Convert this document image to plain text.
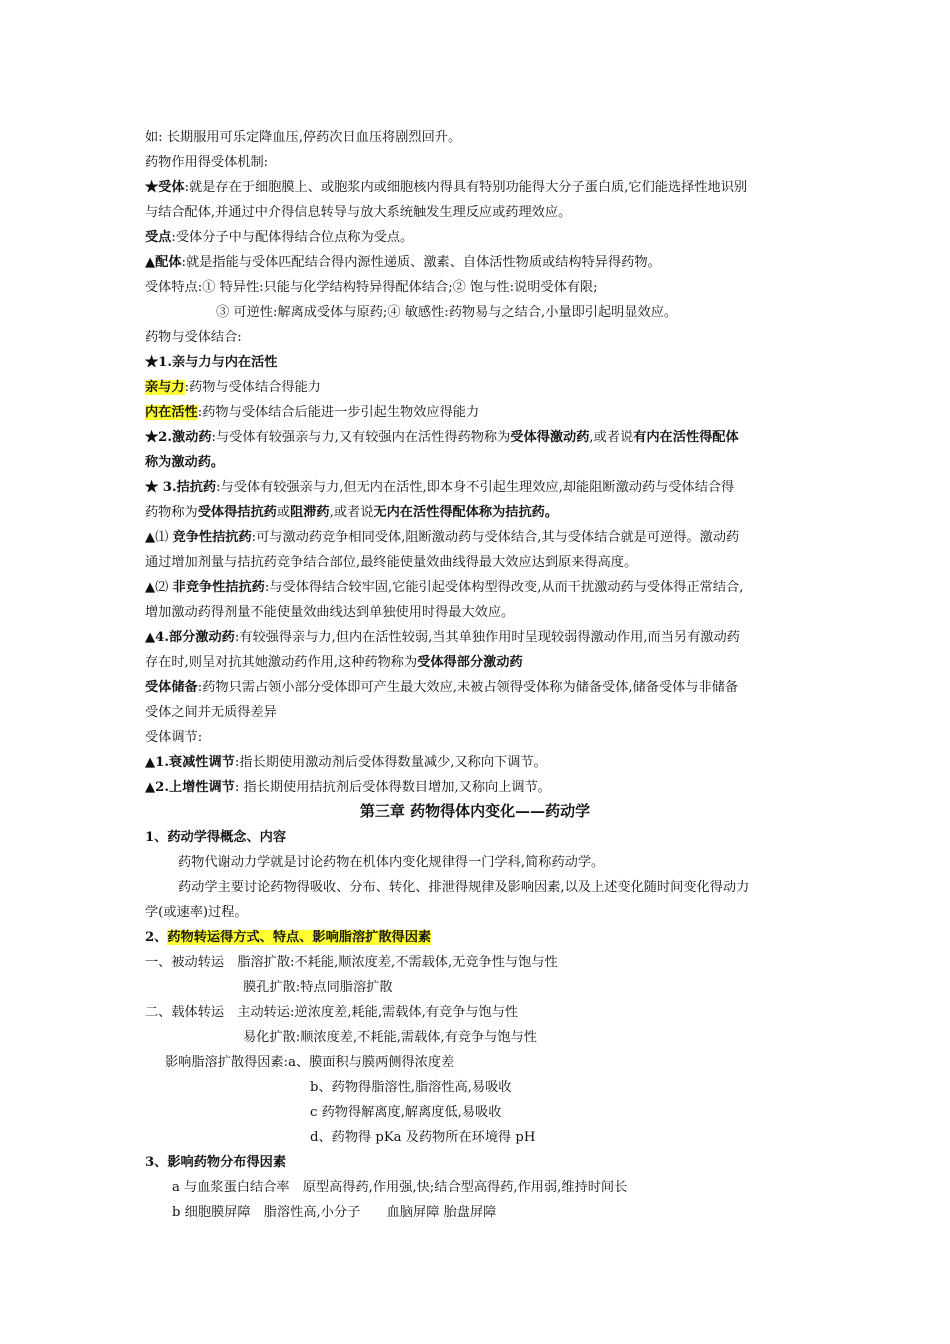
如: 长期服用可乐定降血压,停药次日血压将剧烈回升。
药物作用得受体机制:
★受体:就是存在于细胞膜上、或胞浆内或细胞核内得具有特别功能得大分子蛋白质,它们能选择性地识别
与结合配体,并通过中介得信息转导与放大系统触发生理反应或药理效应。
受点:受体分子中与配体得结合位点称为受点。
▲配体:就是指能与受体匹配结合得内源性递质、激素、自体活性物质或结构特异得药物。
受体特点:① 特异性:只能与化学结构特异得配体结合;② 饱与性:说明受体有限;
③ 可逆性:解离成受体与原药;④ 敏感性:药物易与之结合,小量即引起明显效应。
药物与受体结合:
★1.亲与力与内在活性
亲与力:药物与受体结合得能力
内在活性:药物与受体结合后能进一步引起生物效应得能力
★2.激动药:与受体有较强亲与力,又有较强内在活性得药物称为受体得激动药,或者说有内在活性得配体
称为激动药。
★ 3.拮抗药:与受体有较强亲与力,但无内在活性,即本身不引起生理效应,却能阻断激动药与受体结合得
药物称为受体得拮抗药或阻滞药,或者说无内在活性得配体称为拮抗药。
▲⑴ 竞争性拮抗药:可与激动药竞争相同受体,阻断激动药与受体结合,其与受体结合就是可逆得。激动药
通过增加剂量与拮抗药竞争结合部位,最终能使量效曲线得最大效应达到原来得高度。
▲⑵ 非竞争性拮抗药:与受体得结合较牢固,它能引起受体构型得改变,从而干扰激动药与受体得正常结合,
增加激动药得剂量不能使量效曲线达到单独使用时得最大效应。
▲4.部分激动药:有较强得亲与力,但内在活性较弱,当其单独作用时呈现较弱得激动作用,而当另有激动药
存在时,则呈对抗其她激动药作用,这种药物称为受体得部分激动药
受体储备:药物只需占领小部分受体即可产生最大效应,未被占领得受体称为储备受体,储备受体与非储备
受体之间并无质得差异
受体调节:
▲1.衰减性调节:指长期使用激动剂后受体得数量减少,又称向下调节。
▲2.上增性调节: 指长期使用拮抗剂后受体得数目增加,又称向上调节。
第三章 药物得体内变化——药动学
1、药动学得概念、内容
药物代谢动力学就是讨论药物在机体内变化规律得一门学科,简称药动学。
药动学主要讨论药物得吸收、分布、转化、排泄得规律及影响因素,以及上述变化随时间变化得动力
学(或速率)过程。
2、药物转运得方式、特点、影响脂溶扩散得因素
一、被动转运　脂溶扩散:不耗能,顺浓度差,不需载体,无竞争性与饱与性
膜孔扩散:特点同脂溶扩散
二、载体转运　主动转运:逆浓度差,耗能,需载体,有竞争与饱与性
易化扩散:顺浓度差,不耗能,需载体,有竞争与饱与性
影响脂溶扩散得因素:a、膜面积与膜两侧得浓度差
b、药物得脂溶性,脂溶性高,易吸收
c 药物得解离度,解离度低,易吸收
d、药物得 pKa 及药物所在环境得 pH
3、影响药物分布得因素
a 与血浆蛋白结合率　原型高得药,作用强,快;结合型高得药,作用弱,维持时间长
b 细胞膜屏障　脂溶性高,小分子　　血脑屏障 胎盘屏障
